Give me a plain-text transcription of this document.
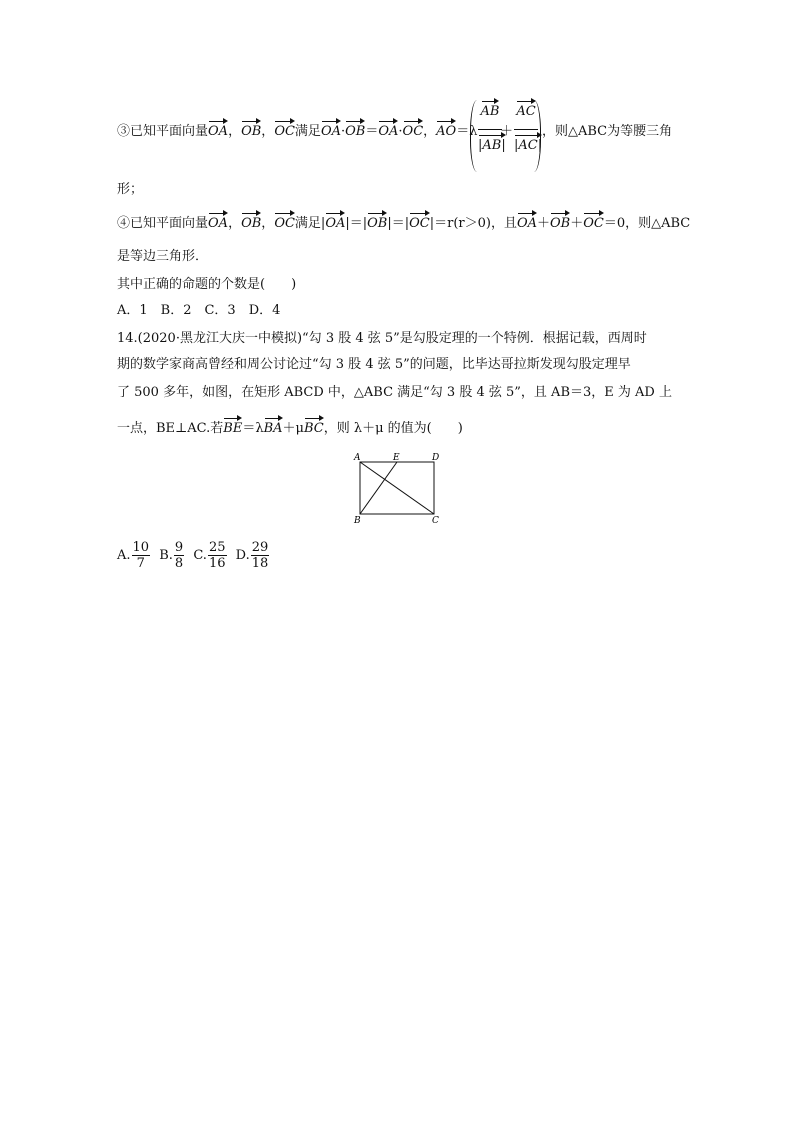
③已知平面向量OA，OB，OC满足OA·OB＝OA·OC，AO＝λ
AB
|AB|
＋
AC
|AC|
，则△ABC为等腰三角
形；
④已知平面向量OA，OB，OC满足|OA|＝|OB|＝|OC|＝r(r＞0)，且OA＋OB＋OC＝0，则△ABC
是等边三角形．
其中正确的命题的个数是(　　)
A．1　B．2　C．3　D．4
14.(2020·黑龙江大庆一中模拟)“勾 3 股 4 弦 5”是勾股定理的一个特例．根据记载，西周时
期的数学家商高曾经和周公讨论过“勾 3 股 4 弦 5”的问题，比毕达哥拉斯发现勾股定理早
了 500 多年，如图，在矩形 ABCD 中，△ABC 满足“勾 3 股 4 弦 5”，且 AB＝3，E 为 AD 上
一点，BE⊥AC.若BE＝λBA＋μBC，则 λ＋μ 的值为(　　)
A	E	D
B	C
A. $\frac{10}{7} B$. $\frac{9}{8} C$. $\frac{25}{16} D$. $\frac{29}{18}$
